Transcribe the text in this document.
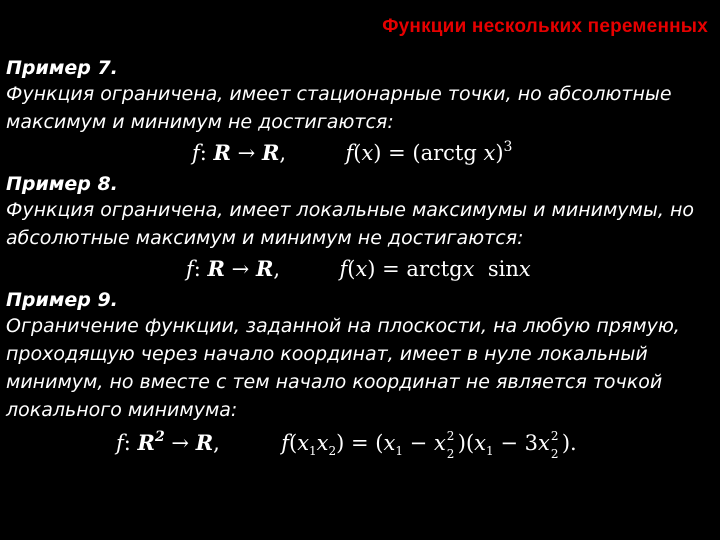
Функции нескольких переменных

Пример 7.

Функция ограничена, имеет стационарные точки, но абсолютные максимум и минимум не достигаются:

f: R → R,	f(x) = (arctg x)$^3$

Пример 8.

Функция ограничена, имеет локальные максимумы и минимумы, но абсолютные максимум и минимум не достигаются:

f: R → R,	f(x) = arctgx  sinx

Пример 9.

Ограничение функции, заданной на плоскости, на любую прямую, проходящую через начало координат, имеет в нуле локальный минимум, но вместе с тем начало координат не является точкой локального минимума:

f: $R^2 \to R$,	$f(x_1x_2) = (x_1 - x$ 2
2 )($x_1 - 3x$ 2
2 ).
